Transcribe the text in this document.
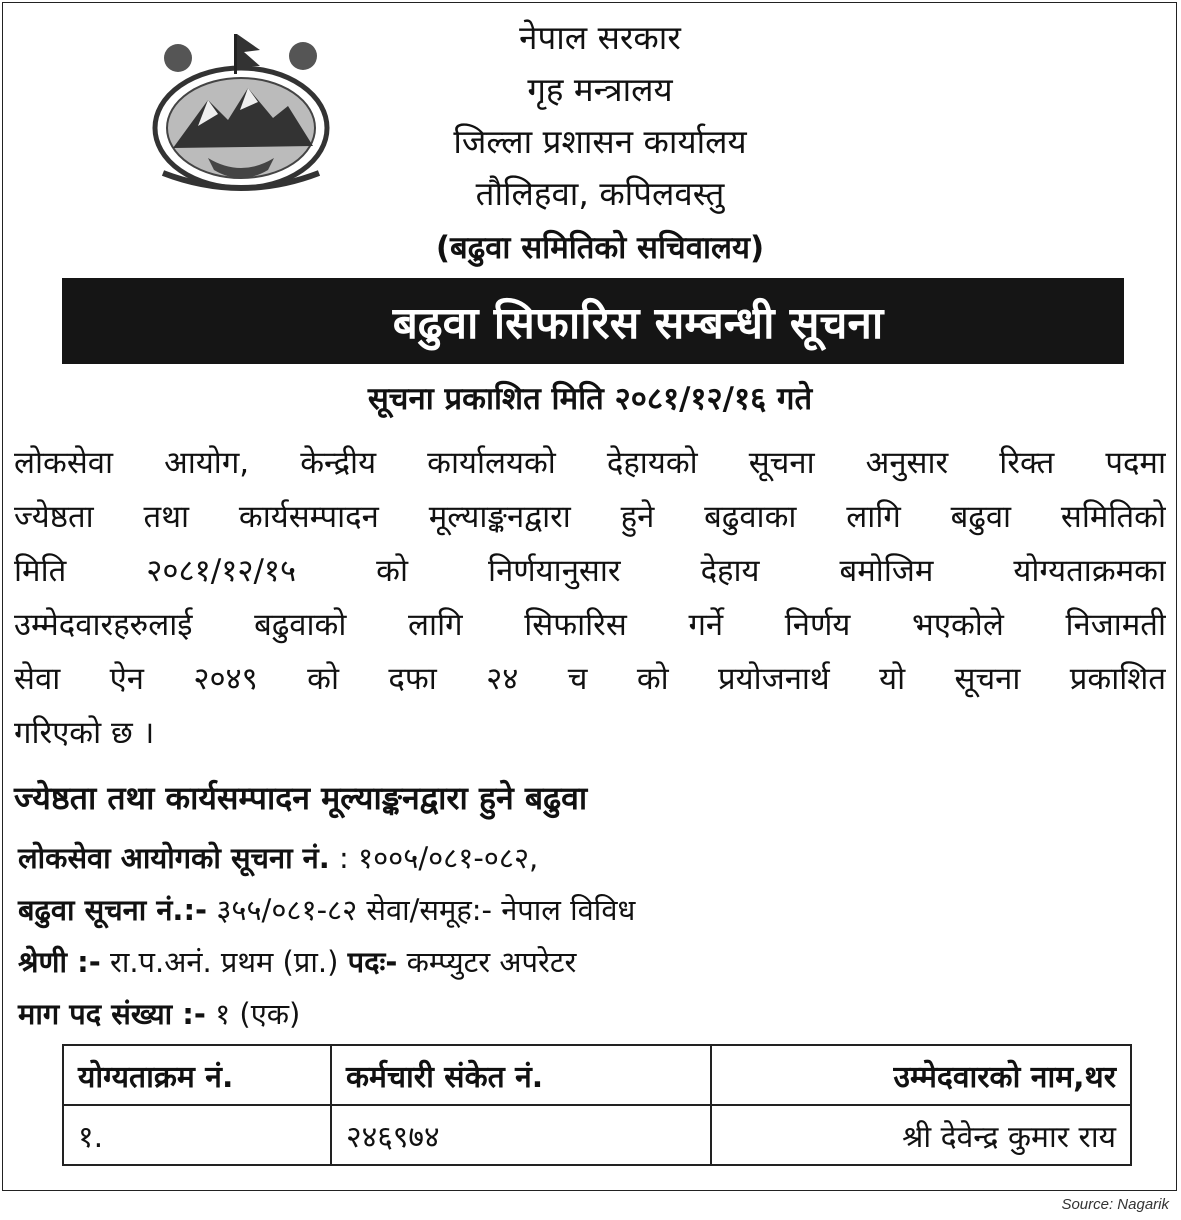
नेपाल सरकार
गृह मन्त्रालय
जिल्ला प्रशासन कार्यालय
तौलिहवा, कपिलवस्तु
(बढुवा समितिको सचिवालय)
बढुवा सिफारिस सम्बन्धी सूचना
सूचना प्रकाशित मिति २०८१/१२/१६ गते
लोकसेवा आयोग, केन्द्रीय कार्यालयको देहायको सूचना अनुसार रिक्त पदमा
ज्येष्ठता तथा कार्यसम्पादन मूल्याङ्कनद्वारा हुने बढुवाका लागि बढुवा समितिको
मिति २०८१/१२/१५ को निर्णयानुसार देहाय बमोजिम योग्यताक्रमका
उम्मेदवारहरुलाई बढुवाको लागि सिफारिस गर्ने निर्णय भएकोले निजामती
सेवा ऐन २०४९ को दफा २४ च को प्रयोजनार्थ यो सूचना प्रकाशित
गरिएको छ ।
ज्येष्ठता तथा कार्यसम्पादन मूल्याङ्कनद्वारा हुने बढुवा
लोकसेवा आयोगको सूचना नं. : १००५/०८१-०८२,
बढुवा सूचना नं.:- ३५५/०८१-८२ सेवा/समूह:- नेपाल विविध
श्रेणी :- रा.प.अनं. प्रथम (प्रा.) पदः- कम्प्युटर अपरेटर
माग पद संख्या :- १ (एक)
योग्यताक्रम नं.	कर्मचारी संकेत नं.	उम्मेदवारको नाम,थर
१.	२४६९७४	श्री देवेन्द्र कुमार राय
Source: Nagarik
